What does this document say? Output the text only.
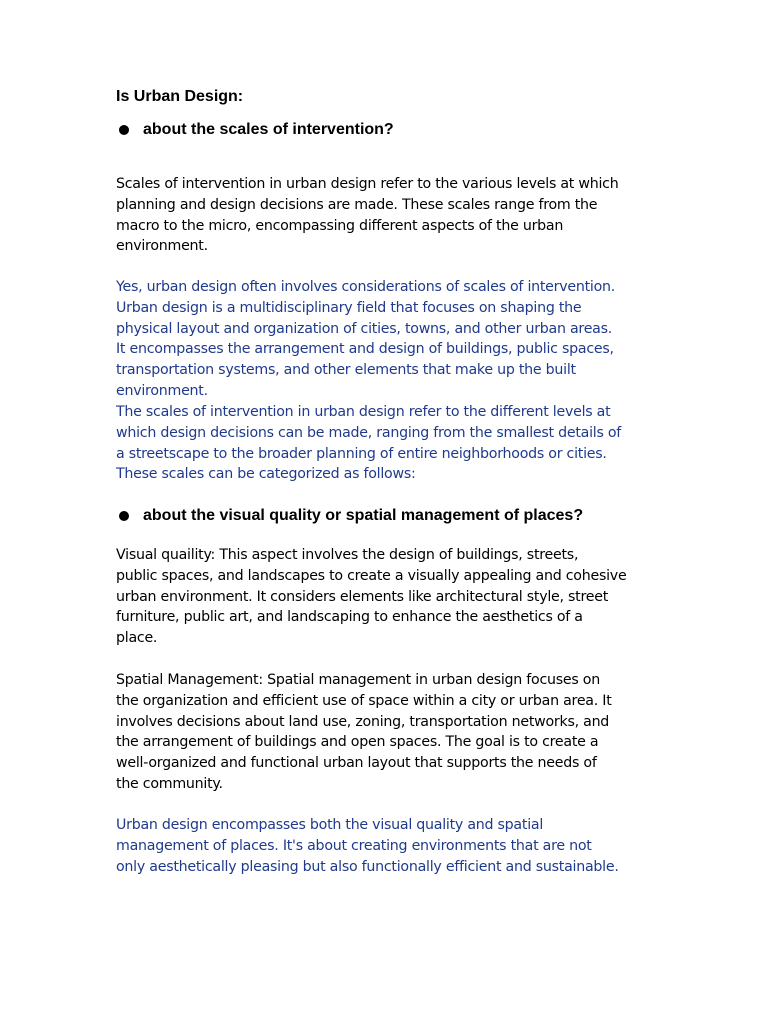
Is Urban Design:
about the scales of intervention?

Scales of intervention in urban design refer to the various levels at which
planning and design decisions are made. These scales range from the
macro to the micro, encompassing different aspects of the urban
environment.

Yes, urban design often involves considerations of scales of intervention.
Urban design is a multidisciplinary field that focuses on shaping the
physical layout and organization of cities, towns, and other urban areas.
It encompasses the arrangement and design of buildings, public spaces,
transportation systems, and other elements that make up the built
environment.

The scales of intervention in urban design refer to the different levels at
which design decisions can be made, ranging from the smallest details of
a streetscape to the broader planning of entire neighborhoods or cities.
These scales can be categorized as follows:

about the visual quality or spatial management of places?

Visual quaility: This aspect involves the design of buildings, streets,
public spaces, and landscapes to create a visually appealing and cohesive
urban environment. It considers elements like architectural style, street
furniture, public art, and landscaping to enhance the aesthetics of a
place.

Spatial Management: Spatial management in urban design focuses on
the organization and efficient use of space within a city or urban area. It
involves decisions about land use, zoning, transportation networks, and
the arrangement of buildings and open spaces. The goal is to create a
well-organized and functional urban layout that supports the needs of
the community.

Urban design encompasses both the visual quality and spatial
management of places. It's about creating environments that are not
only aesthetically pleasing but also functionally efficient and sustainable.
